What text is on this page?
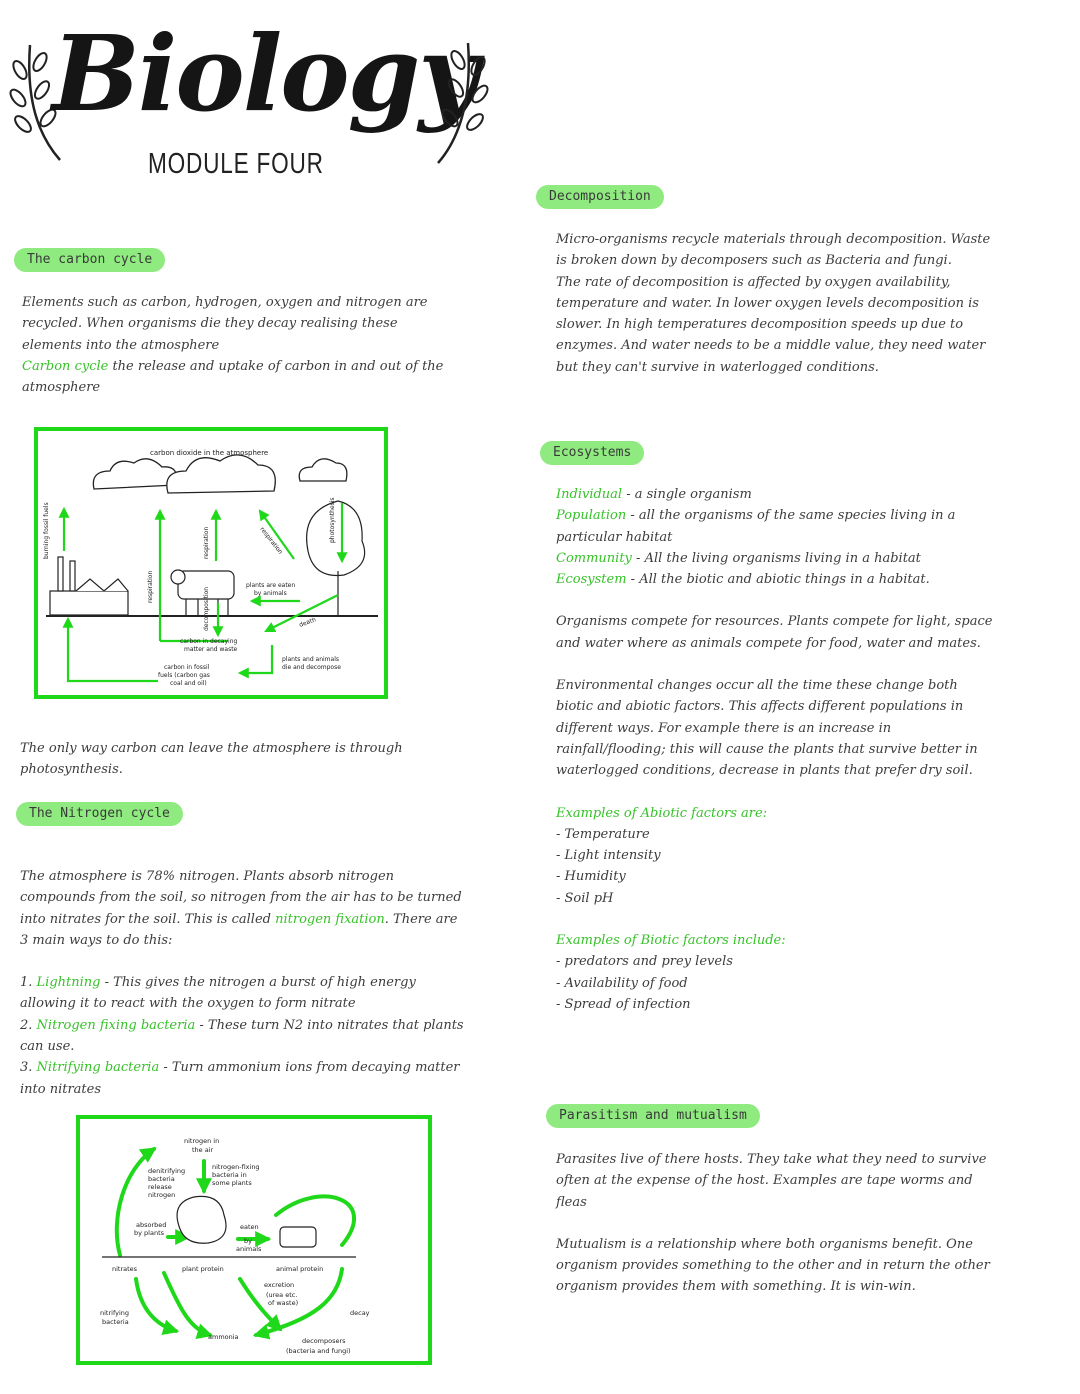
Biology
MODULE FOUR
The carbon cycle

Elements such as carbon, hydrogen, oxygen and nitrogen are recycled. When organisms die they decay realising these elements into the atmosphere

Carbon cycle the release and uptake of carbon in and out of the atmosphere

carbon dioxide in the atmosphere
burning fossil fuels
respiration
respiration	respiration	photosynthesis
plants are eaten
by animals
decomposition
carbon in decaying
matter and waste
carbon in fossil
fuels (carbon gas
coal and oil)
plants and animals
die and decompose
death
The only way carbon can leave the atmosphere is through photosynthesis.
The Nitrogen cycle

The atmosphere is 78% nitrogen. Plants absorb nitrogen compounds from the soil, so nitrogen from the air has to be turned into nitrates for the soil. This is called nitrogen fixation. There are 3 main ways to do this:

1. Lightning - This gives the nitrogen a burst of high energy allowing it to react with the oxygen to form nitrate

2. Nitrogen fixing bacteria - These turn N2 into nitrates that plants can use.

3. Nitrifying bacteria - Turn ammonium ions from decaying matter into nitrates

nitrogen in
the air
denitrifying
bacteria
release
nitrogen
nitrogen-fixing
bacteria in
some plants
absorbed
by plants
eaten
by
animals
nitrates	plant protein	animal protein
excretion
(urea etc.
of waste)
decay
nitrifying
bacteria
ammonia	decomposers
(bacteria and fungi)
Decomposition
Micro-organisms recycle materials through decomposition. Waste is broken down by decomposers such as Bacteria and fungi.
The rate of decomposition is affected by oxygen availability, temperature and water. In lower oxygen levels decomposition is slower. In high temperatures decomposition speeds up due to enzymes. And water needs to be a middle value, they need water but they can't survive in waterlogged conditions.
Ecosystems

Individual - a single organism

Population - all the organisms of the same species living in a particular habitat

Community - All the living organisms living in a habitat

Ecosystem - All the biotic and abiotic things in a habitat.

Organisms compete for resources. Plants compete for light, space and water where as animals compete for food, water and mates.

Environmental changes occur all the time these change both biotic and abiotic factors. This affects different populations in different ways. For example there is an increase in rainfall/flooding; this will cause the plants that survive better in waterlogged conditions, decrease in plants that prefer dry soil.

Examples of Abiotic factors are:

- Temperature

- Light intensity

- Humidity

- Soil pH

Examples of Biotic factors include:

- predators and prey levels

- Availability of food

- Spread of infection

Parasitism and mutualism

Parasites live of there hosts. They take what they need to survive often at the expense of the host. Examples are tape worms and fleas

Mutualism is a relationship where both organisms benefit. One organism provides something to the other and in return the other organism provides them with something. It is win-win.
